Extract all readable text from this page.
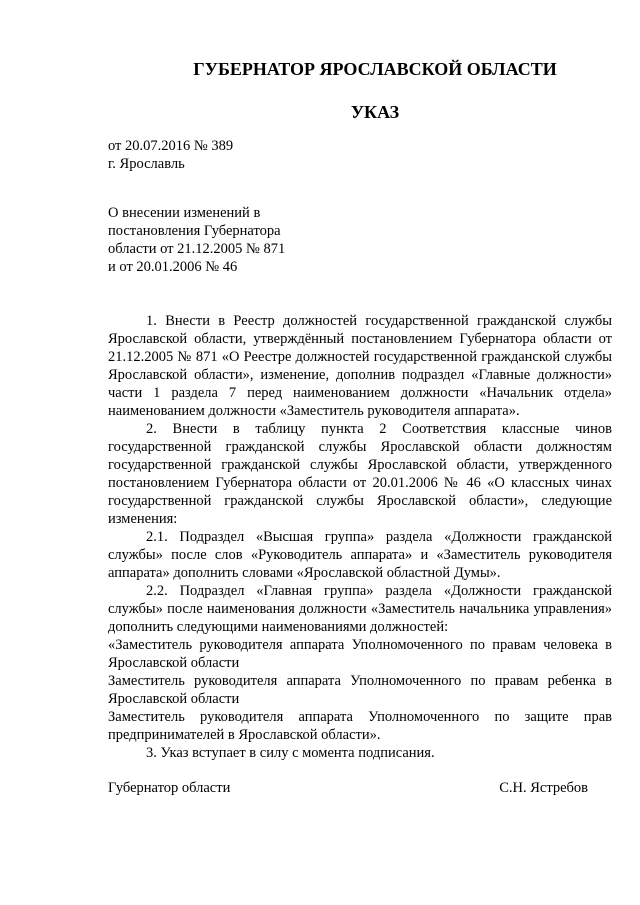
ГУБЕРНАТОР ЯРОСЛАВСКОЙ ОБЛАСТИ
УКАЗ
от 20.07.2016 № 389
г. Ярославль
О внесении изменений в
постановления Губернатора
области от 21.12.2005 № 871
и от 20.01.2006 № 46

1. Внести в Реестр должностей государственной гражданской службы Ярославской области, утверждённый постановлением Губернатора области от 21.12.2005 № 871 «О Реестре должностей государственной гражданской службы Ярославской области», изменение, дополнив подраздел «Главные должности» части 1 раздела 7 перед наименованием должности «Начальник отдела» наименованием должности «Заместитель руководителя аппарата».

2. Внести в таблицу пункта 2 Соответствия классные чинов государственной гражданской службы Ярославской области должностям государственной гражданской службы Ярославской области, утвержденного постановлением Губернатора области от 20.01.2006 № 46 «О классных чинах государственной гражданской службы Ярославской области», следующие изменения:

2.1. Подраздел «Высшая группа» раздела «Должности гражданской службы» после слов «Руководитель аппарата» и «Заместитель руководителя аппарата» дополнить словами «Ярославской областной Думы».

2.2. Подраздел «Главная группа» раздела «Должности гражданской службы» после наименования должности «Заместитель начальника управления» дополнить следующими наименованиями должностей:

«Заместитель руководителя аппарата Уполномоченного по правам человека в Ярославской области

Заместитель руководителя аппарата Уполномоченного по правам ребенка в Ярославской области

Заместитель руководителя аппарата Уполномоченного по защите прав предпринимателей в Ярославской области».

3. Указ вступает в силу с момента подписания.

Губернатор области	С.Н. Ястребов
